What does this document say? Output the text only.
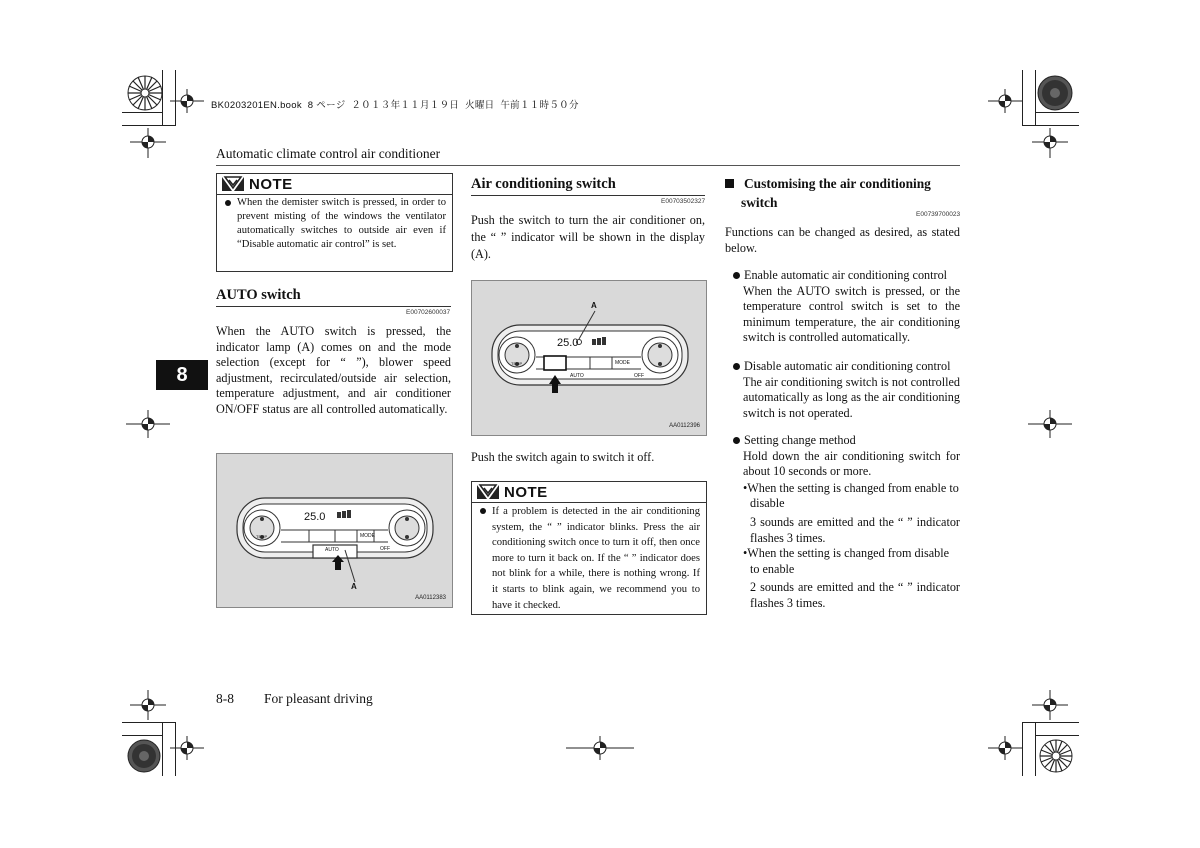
BK0203201EN.book  8 ページ  ２０１３年１１月１９日  火曜日  午前１１時５０分
Automatic climate control air conditioner
8
NOTE
When the demister switch is pressed, in order to prevent misting of the windows the ventilator automatically switches to outside air even if “Disable automatic air control” is set.
AUTO switch
E00702600037
When the AUTO switch is pressed, the indicator lamp (A) comes on and the mode selection (except for “ ”), blower speed adjustment, recirculated/outside air selection, temperature adjustment, and air conditioner ON/OFF status are all controlled automatically.
25.0
TEMP	MODE
AUTO	OFF
A
AA0112383
Air conditioning switch
E00703502327
Push the switch to turn the air conditioner on, the “ ” indicator will be shown in the display (A).
25.0
TEMP	MODE
AUTO	OFF
A
AA0112396
Push the switch again to switch it off.
NOTE
If a problem is detected in the air conditioning system, the “ ” indicator blinks. Press the air conditioning switch once to turn it off, then once more to turn it back on. If the “ ” indicator does not blink for a while, there is nothing wrong. If it starts to blink again, we recommend you to have it checked.
Customising the air conditioning
switch
E00739700023
Functions can be changed as desired, as stated below.
Enable automatic air conditioning control
When the AUTO switch is pressed, or the temperature control switch is set to the minimum temperature, the air conditioning switch is controlled automatically.
Disable automatic air conditioning control
The air conditioning switch is not controlled automatically as long as the air conditioning switch is not operated.
Setting change method
Hold down the air conditioning switch for about 10 seconds or more.
•When the setting is changed from enable to disable
3 sounds are emitted and the “ ” indicator flashes 3 times.
•When the setting is changed from disable to enable
2 sounds are emitted and the “ ” indicator flashes 3 times.
8-8 For pleasant driving
